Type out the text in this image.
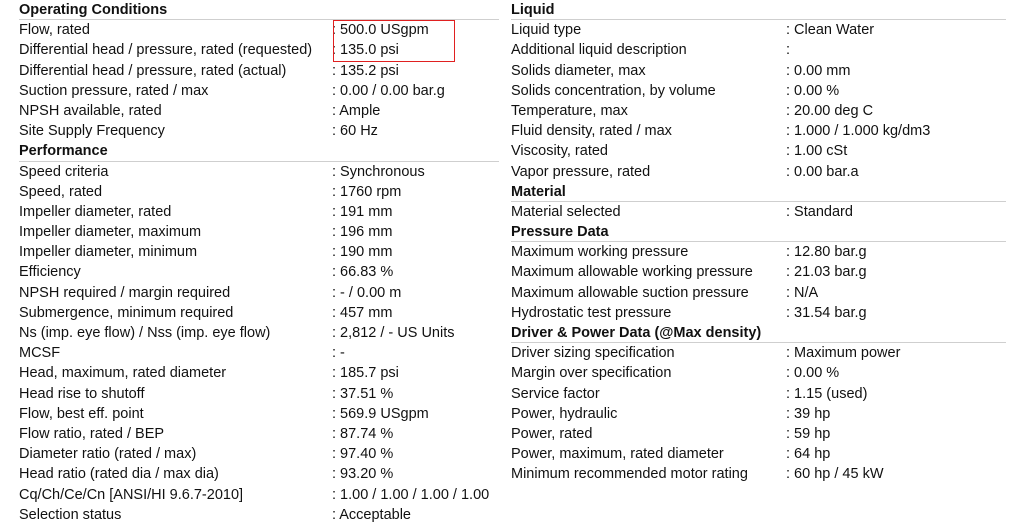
Operating Conditions
Flow, rated	: 500.0 USgpm
Differential head / pressure, rated (requested) : 135.0 psi
Differential head / pressure, rated (actual)	: 135.2 psi
Suction pressure, rated / max	: 0.00 / 0.00 bar.g
NPSH available, rated	: Ample
Site Supply Frequency	: 60 Hz
Performance
Speed criteria	: Synchronous
Speed, rated	: 1760 rpm
Impeller diameter, rated	: 191 mm
Impeller diameter, maximum	: 196 mm
Impeller diameter, minimum	: 190 mm
Efficiency	: 66.83 %
NPSH required / margin required	: - / 0.00 m
Submergence, minimum required	: 457 mm
Ns (imp. eye flow) / Nss (imp. eye flow)	: 2,812 / - US Units
MCSF	: -
Head, maximum, rated diameter	: 185.7 psi
Head rise to shutoff	: 37.51 %
Flow, best eff. point	: 569.9 USgpm
Flow ratio, rated / BEP	: 87.74 %
Diameter ratio (rated / max)	: 97.40 %
Head ratio (rated dia / max dia)	: 93.20 %
Cq/Ch/Ce/Cn [ANSI/HI 9.6.7-2010]	: 1.00 / 1.00 / 1.00 / 1.00
Selection status	: Acceptable
Liquid
Liquid type	: Clean Water
Additional liquid description	:
Solids diameter, max	: 0.00 mm
Solids concentration, by volume	: 0.00 %
Temperature, max	: 20.00 deg C
Fluid density, rated / max	: 1.000 / 1.000 kg/dm3
Viscosity, rated	: 1.00 cSt
Vapor pressure, rated	: 0.00 bar.a
Material
Material selected	: Standard
Pressure Data
Maximum working pressure	: 12.80 bar.g
Maximum allowable working pressure : 21.03 bar.g
Maximum allowable suction pressure	: N/A
Hydrostatic test pressure	: 31.54 bar.g
Driver & Power Data (@Max density)
Driver sizing specification	: Maximum power
Margin over specification	: 0.00 %
Service factor	: 1.15 (used)
Power, hydraulic	: 39 hp
Power, rated	: 59 hp
Power, maximum, rated diameter	: 64 hp
Minimum recommended motor rating	: 60 hp / 45 kW
